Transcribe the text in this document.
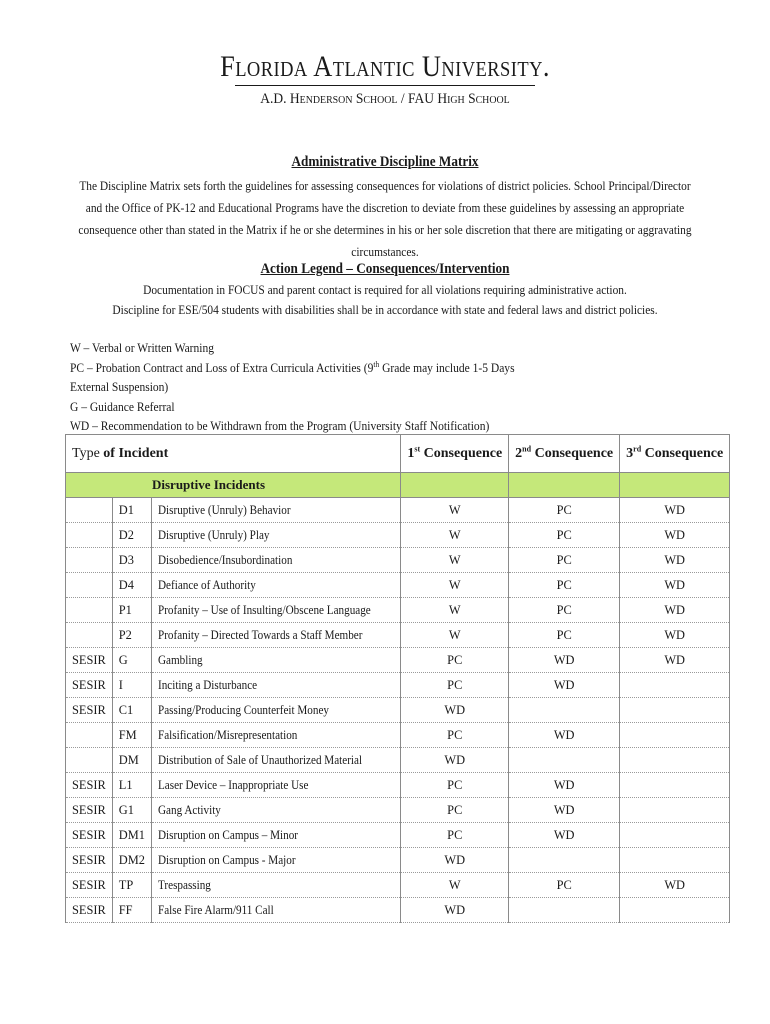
Florida Atlantic University.
A.D. Henderson School / FAU High School
Administrative Discipline Matrix
The Discipline Matrix sets forth the guidelines for assessing consequences for violations of district policies. School Principal/Director and the Office of PK-12 and Educational Programs have the discretion to deviate from these guidelines by assessing an appropriate consequence other than stated in the Matrix if he or she determines in his or her sole discretion that there are mitigating or aggravating circumstances.
Action Legend – Consequences/Intervention
Documentation in FOCUS and parent contact is required for all violations requiring administrative action.
Discipline for ESE/504 students with disabilities shall be in accordance with state and federal laws and district policies.
W – Verbal or Written Warning
PC – Probation Contract and Loss of Extra Curricula Activities (9th Grade may include 1-5 Days External Suspension)
G – Guidance Referral
WD – Recommendation to be Withdrawn from the Program (University Staff Notification)
Type of Incident			1st Consequence	2nd Consequence	3rd Consequence
Disruptive Incidents					
	D1	Disruptive (Unruly) Behavior	W	PC	WD
	D2	Disruptive (Unruly) Play	W	PC	WD
	D3	Disobedience/Insubordination	W	PC	WD
	D4	Defiance of Authority	W	PC	WD
	P1	Profanity – Use of Insulting/Obscene Language	W	PC	WD
	P2	Profanity – Directed Towards a Staff Member	W	PC	WD
SESIR	G	Gambling	PC	WD	WD
SESIR	I	Inciting a Disturbance	PC	WD	
SESIR	C1	Passing/Producing Counterfeit Money	WD		
	FM	Falsification/Misrepresentation	PC	WD	
	DM	Distribution of Sale of Unauthorized Material	WD		
SESIR	L1	Laser Device – Inappropriate Use	PC	WD	
SESIR	G1	Gang Activity	PC	WD	
SESIR	DM1	Disruption on Campus – Minor	PC	WD	
SESIR	DM2	Disruption on Campus - Major	WD		
SESIR	TP	Trespassing	W	PC	WD
SESIR	FF	False Fire Alarm/911 Call	WD		
